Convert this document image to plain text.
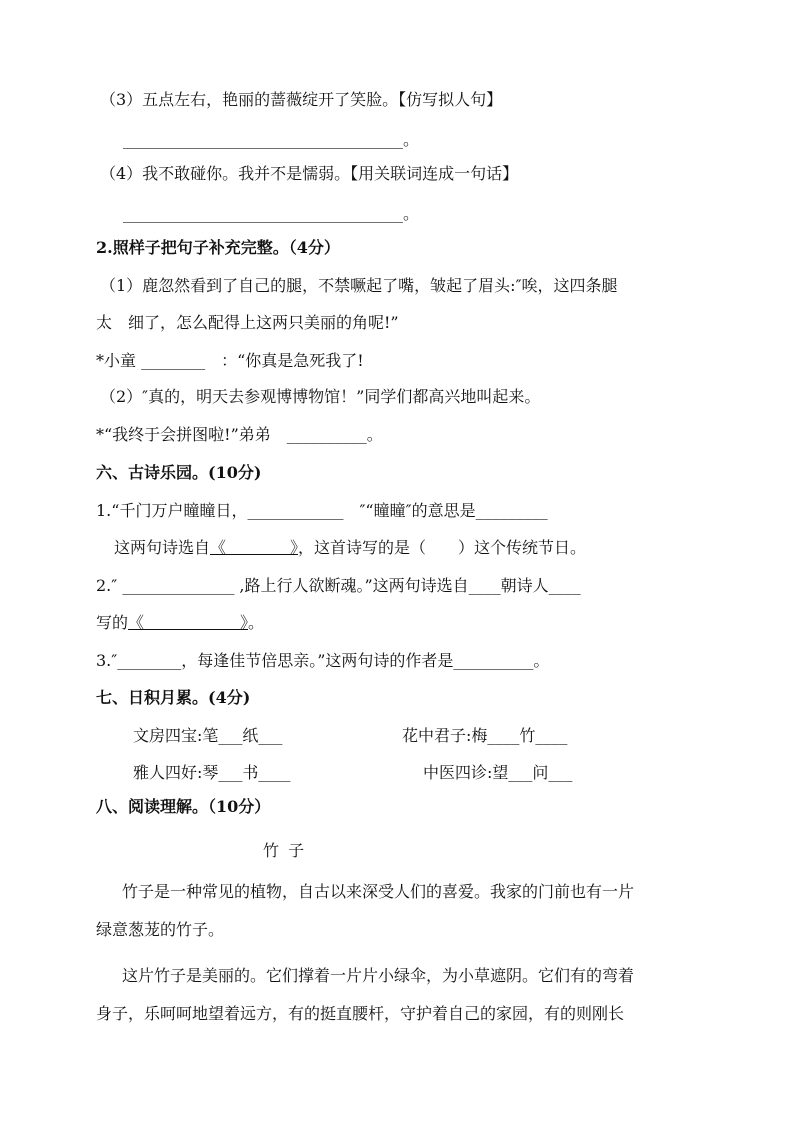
（3）五点左右，艳丽的蔷薇绽开了笑脸。【仿写拟人句】
___________________________________。
（4）我不敢碰你。我并不是懦弱。【用关联词连成一句话】
___________________________________。
2.照样子把句子补充完整。（4分）
（1）鹿忽然看到了自己的腿，不禁噘起了嘴，皱起了眉头:″唉，这四条腿
太　细了，怎么配得上这两只美丽的角呢!”
*小童 ________　：“你真是急死我了!
（2）″真的，明天去参观博博物馆！”同学们都高兴地叫起来。
*“我终于会拼图啦!”弟弟　__________。
六、古诗乐园。(10分)
1.“千门万户瞳瞳日，____________　″“瞳瞳″的意思是_________
这两句诗选自《　　　　》，这首诗写的是（　　）这个传统节日。
2.″ ______________ ,路上行人欲断魂。”这两句诗选自____朝诗人____
写的《　　　　　　》。
3.″________，每逢佳节倍思亲。”这两句诗的作者是__________。
七、日积月累。(4分)
文房四宝:笔___纸___	花中君子:梅____竹____
雅人四好:琴___书____	中医四诊:望___问___
八、阅读理解。（10分）
竹 子
竹子是一种常见的植物，自古以来深受人们的喜爱。我家的门前也有一片
绿意葱茏的竹子。
这片竹子是美丽的。它们撑着一片片小绿伞，为小草遮阴。它们有的弯着
身子，乐呵呵地望着远方，有的挺直腰杆，守护着自己的家园，有的则刚长
